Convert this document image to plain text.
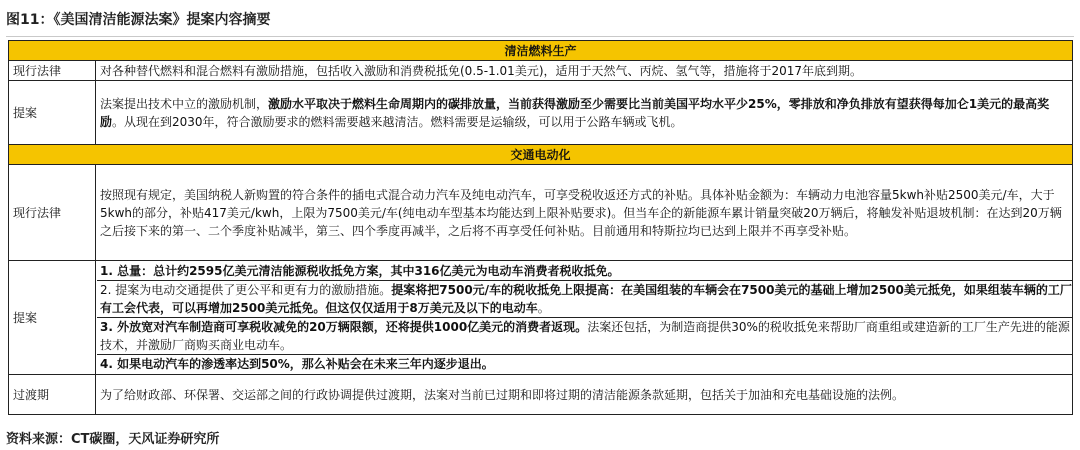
图11：《美国清洁能源法案》提案内容摘要
清洁燃料生产	
现行法律	对各种替代燃料和混合燃料有激励措施，包括收入激励和消费税抵免(0.5-1.01美元)，适用于天然气、丙烷、氢气等，措施将于2017年底到期。
提案	法案提出技术中立的激励机制，激励水平取决于燃料生命周期内的碳排放量，当前获得激励至少需要比当前美国平均水平少25%，零排放和净负排放有望获得每加仑1美元的最高奖励。从现在到2030年，符合激励要求的燃料需要越来越清洁。燃料需要是运输级，可以用于公路车辆或飞机。
交通电动化	
现行法律	按照现有规定，美国纳税人新购置的符合条件的插电式混合动力汽车及纯电动汽车，可享受税收返还方式的补贴。具体补贴金额为：车辆动力电池容量5kwh补贴2500美元/车，大于5kwh的部分，补贴417美元/kwh，上限为7500美元/车(纯电动车型基本均能达到上限补贴要求)。但当车企的新能源车累计销量突破20万辆后，将触发补贴退坡机制：在达到20万辆之后接下来的第一、二个季度补贴减半，第三、四个季度再减半，之后将不再享受任何补贴。目前通用和特斯拉均已达到上限并不再享受补贴。
提案	1. 总量：总计约2595亿美元清洁能源税收抵免方案，其中316亿美元为电动车消费者税收抵免。
2. 提案为电动交通提供了更公平和更有力的激励措施。提案将把7500元/车的税收抵免上限提高：在美国组装的车辆会在7500美元的基础上增加2500美元抵免，如果组装车辆的工厂有工会代表，可以再增加2500美元抵免。但这仅仅适用于8万美元及以下的电动车。
3. 外放宽对汽车制造商可享税收减免的20万辆限额，还将提供1000亿美元的消费者返现。法案还包括，为制造商提供30%的税收抵免来帮助厂商重组或建造新的工厂生产先进的能源技术，并激励厂商购买商业电动车。
4. 如果电动汽车的渗透率达到50%，那么补贴会在未来三年内逐步退出。

过渡期	为了给财政部、环保署、交运部之间的行政协调提供过渡期，法案对当前已过期和即将过期的清洁能源条款延期，包括关于加油和充电基础设施的法例。
资料来源：CT碳圈，天风证券研究所
